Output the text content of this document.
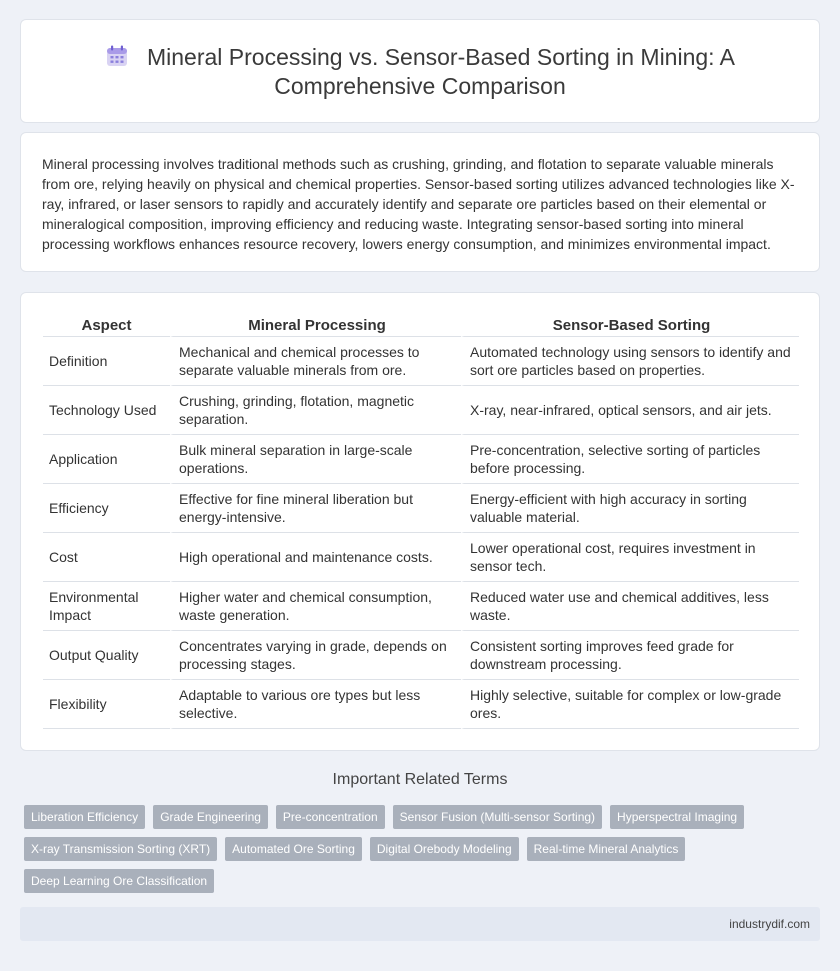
Mineral Processing vs. Sensor-Based Sorting in Mining: A Comprehensive Comparison

Mineral processing involves traditional methods such as crushing, grinding, and flotation to separate valuable minerals from ore, relying heavily on physical and chemical properties. Sensor-based sorting utilizes advanced technologies like X-ray, infrared, or laser sensors to rapidly and accurately identify and separate ore particles based on their elemental or mineralogical composition, improving efficiency and reducing waste. Integrating sensor-based sorting into mineral processing workflows enhances resource recovery, lowers energy consumption, and minimizes environmental impact.

Aspect	Mineral Processing	Sensor-Based Sorting
Definition	Mechanical and chemical processes to separate valuable minerals from ore.	Automated technology using sensors to identify and sort ore particles based on properties.
Technology Used	Crushing, grinding, flotation, magnetic separation.	X-ray, near-infrared, optical sensors, and air jets.
Application	Bulk mineral separation in large-scale operations.	Pre-concentration, selective sorting of particles before processing.
Efficiency	Effective for fine mineral liberation but energy-intensive.	Energy-efficient with high accuracy in sorting valuable material.
Cost	High operational and maintenance costs.	Lower operational cost, requires investment in sensor tech.
Environmental Impact	Higher water and chemical consumption, waste generation.	Reduced water use and chemical additives, less waste.
Output Quality	Concentrates varying in grade, depends on processing stages.	Consistent sorting improves feed grade for downstream processing.
Flexibility	Adaptable to various ore types but less selective.	Highly selective, suitable for complex or low-grade ores.
Important Related Terms
Liberation Efficiency	Grade Engineering	Pre-concentration	Sensor Fusion (Multi-sensor Sorting)	Hyperspectral Imaging
X-ray Transmission Sorting (XRT)	Automated Ore Sorting	Digital Orebody Modeling	Real-time Mineral Analytics
Deep Learning Ore Classification
industrydif.com
